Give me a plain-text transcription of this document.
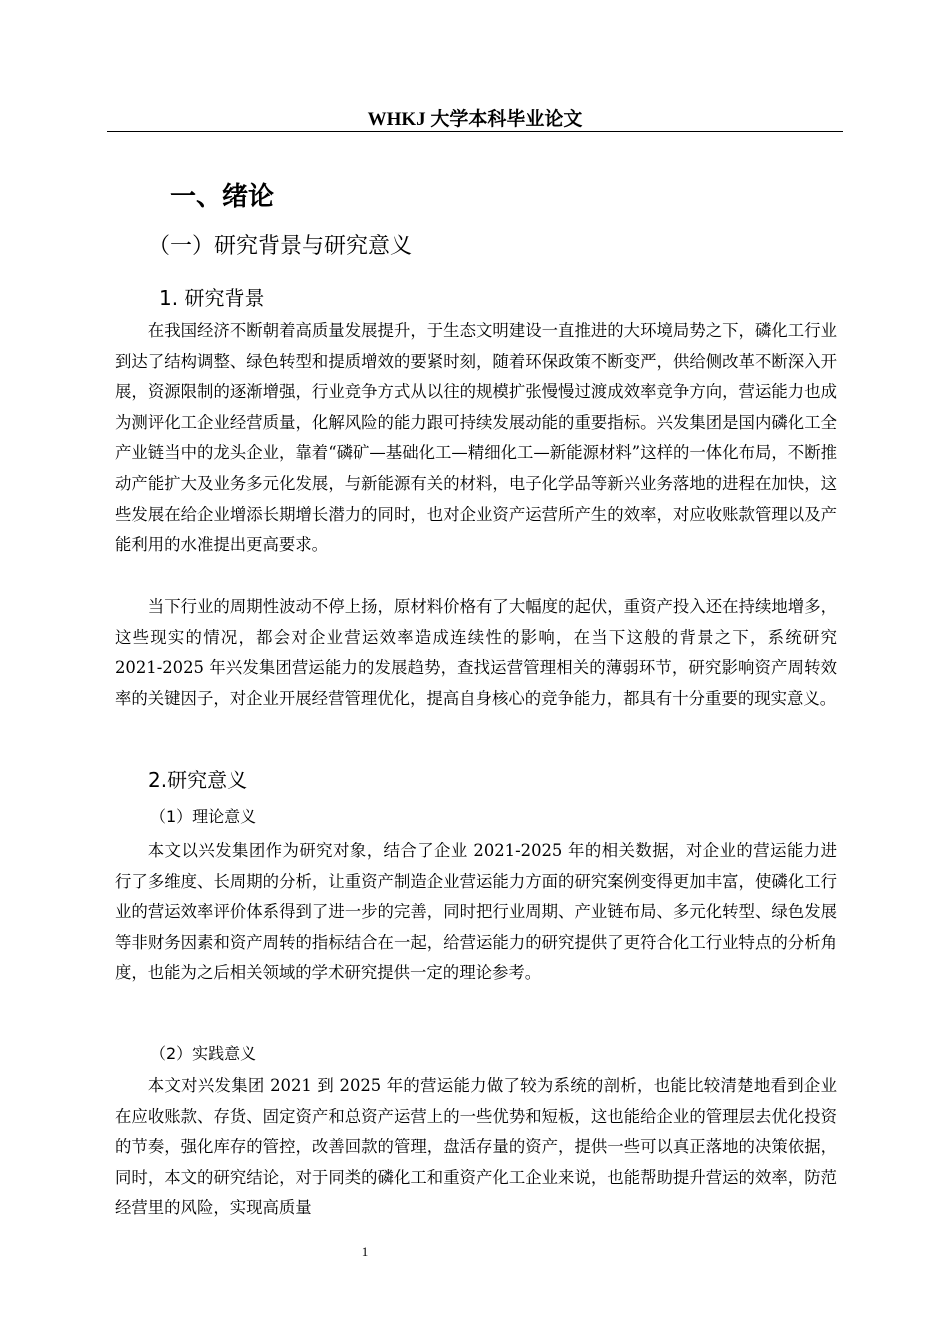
WHKJ 大学本科毕业论文
一、绪论
（一）研究背景与研究意义
1. 研究背景

在我国经济不断朝着高质量发展提升，于生态文明建设一直推进的大环境局势之下，磷化工行业到达了结构调整、绿色转型和提质增效的要紧时刻，随着环保政策不断变严，供给侧改革不断深入开展，资源限制的逐渐增强，行业竞争方式从以往的规模扩张慢慢过渡成效率竞争方向，营运能力也成为测评化工企业经营质量，化解风险的能力跟可持续发展动能的重要指标。兴发集团是国内磷化工全产业链当中的龙头企业，靠着“磷矿—基础化工—精细化工—新能源材料”这样的一体化布局，不断推动产能扩大及业务多元化发展，与新能源有关的材料，电子化学品等新兴业务落地的进程在加快，这些发展在给企业增添长期增长潜力的同时，也对企业资产运营所产生的效率，对应收账款管理以及产能利用的水准提出更高要求。

当下行业的周期性波动不停上扬，原材料价格有了大幅度的起伏，重资产投入还在持续地增多，这些现实的情况，都会对企业营运效率造成连续性的影响，在当下这般的背景之下，系统研究 2021-2025 年兴发集团营运能力的发展趋势，查找运营管理相关的薄弱环节，研究影响资产周转效率的关键因子，对企业开展经营管理优化，提高自身核心的竞争能力，都具有十分重要的现实意义。

2.研究意义
（1）理论意义

本文以兴发集团作为研究对象，结合了企业 2021-2025 年的相关数据，对企业的营运能力进行了多维度、长周期的分析，让重资产制造企业营运能力方面的研究案例变得更加丰富，使磷化工行业的营运效率评价体系得到了进一步的完善，同时把行业周期、产业链布局、多元化转型、绿色发展等非财务因素和资产周转的指标结合在一起，给营运能力的研究提供了更符合化工行业特点的分析角度，也能为之后相关领域的学术研究提供一定的理论参考。

（2）实践意义

本文对兴发集团 2021 到 2025 年的营运能力做了较为系统的剖析，也能比较清楚地看到企业在应收账款、存货、固定资产和总资产运营上的一些优势和短板，这也能给企业的管理层去优化投资的节奏，强化库存的管控，改善回款的管理，盘活存量的资产，提供一些可以真正落地的决策依据，同时，本文的研究结论，对于同类的磷化工和重资产化工企业来说，也能帮助提升营运的效率，防范经营里的风险，实现高质量

1
